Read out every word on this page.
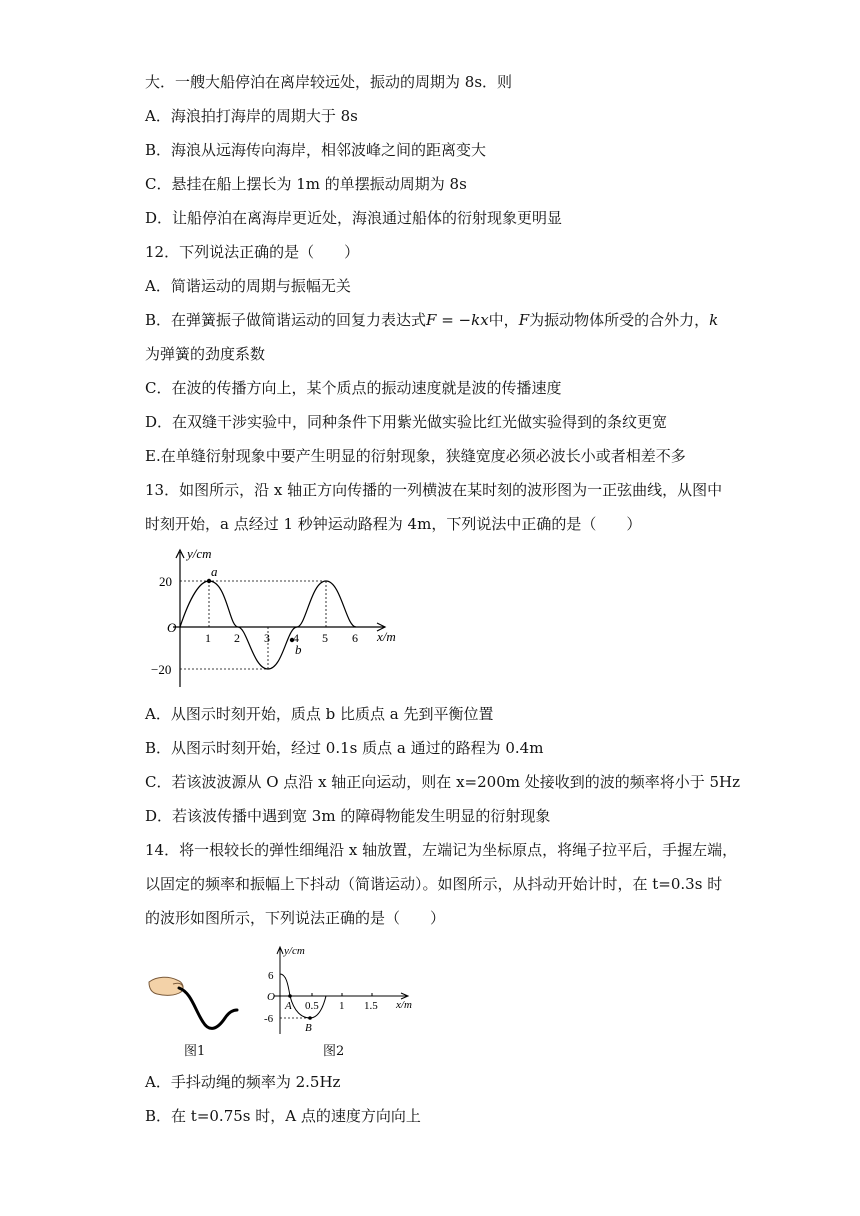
大．一艘大船停泊在离岸较远处，振动的周期为 8s．则
A．海浪拍打海岸的周期大于 8s
B．海浪从远海传向海岸，相邻波峰之间的距离变大
C．悬挂在船上摆长为 1m 的单摆振动周期为 8s
D．让船停泊在离海岸更近处，海浪通过船体的衍射现象更明显
12．下列说法正确的是（　　）
A．简谐运动的周期与振幅无关
B．在弹簧振子做简谐运动的回复力表达式F = −kx中，F为振动物体所受的合外力，k
为弹簧的劲度系数
C．在波的传播方向上，某个质点的振动速度就是波的传播速度
D．在双缝干涉实验中，同种条件下用紫光做实验比红光做实验得到的条纹更宽
E.在单缝衍射现象中要产生明显的衍射现象，狭缝宽度必须必波长小或者相差不多
13．如图所示，沿 x 轴正方向传播的一列横波在某时刻的波形图为一正弦曲线，从图中
时刻开始，a 点经过 1 秒钟运动路程为 4m，下列说法中正确的是（　　）
y/cm
x/m
20
−20
O
1 2 3 4 5 6
a
b
A．从图示时刻开始，质点 b 比质点 a 先到平衡位置
B．从图示时刻开始，经过 0.1s 质点 a 通过的路程为 0.4m
C．若该波波源从 O 点沿 x 轴正向运动，则在 x=200m 处接收到的波的频率将小于 5Hz
D．若该波传播中遇到宽 3m 的障碍物能发生明显的衍射现象
14．将一根较长的弹性细绳沿 x 轴放置，左端记为坐标原点，将绳子拉平后，手握左端，
以固定的频率和振幅上下抖动（简谐运动）。如图所示，从抖动开始计时，在 t=0.3s 时
的波形如图所示，下列说法正确的是（　　）
图1
y/cm
x/m
6
-6
O
A
B
0.5 1 1.5
图2
A．手抖动绳的频率为 2.5Hz
B．在 t=0.75s 时，A 点的速度方向向上
